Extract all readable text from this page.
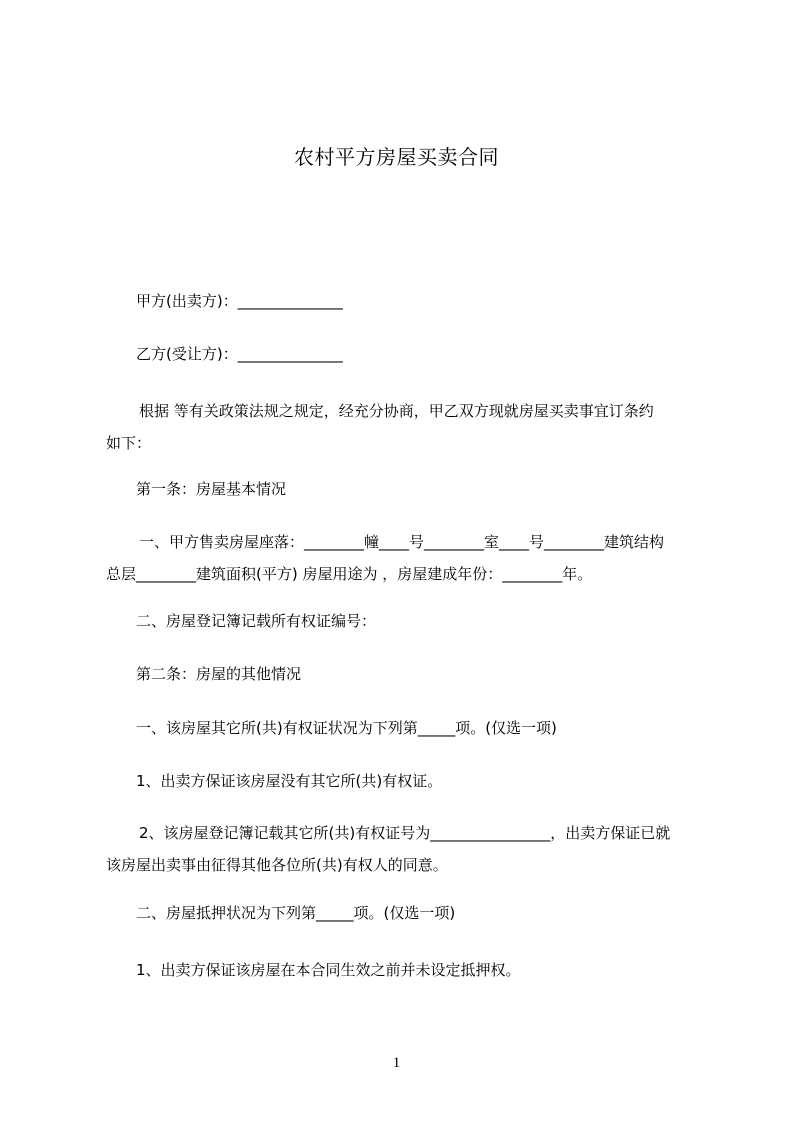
农村平方房屋买卖合同
甲方(出卖方)：______________
乙方(受让方)：______________
根据 等有关政策法规之规定，经充分协商，甲乙双方现就房屋买卖事宜订条约
如下：
第一条：房屋基本情况
一、甲方售卖房屋座落：________幢____号________室____号________建筑结构
总层________建筑面积(平方) 房屋用途为 ，房屋建成年份：________年。
二、房屋登记簿记载所有权证编号：
第二条：房屋的其他情况
一、该房屋其它所(共)有权证状况为下列第_____项。(仅选一项)
1、出卖方保证该房屋没有其它所(共)有权证。
2、该房屋登记簿记载其它所(共)有权证号为________________，出卖方保证已就
该房屋出卖事由征得其他各位所(共)有权人的同意。
二、房屋抵押状况为下列第_____项。(仅选一项)
1、出卖方保证该房屋在本合同生效之前并未设定抵押权。
1
